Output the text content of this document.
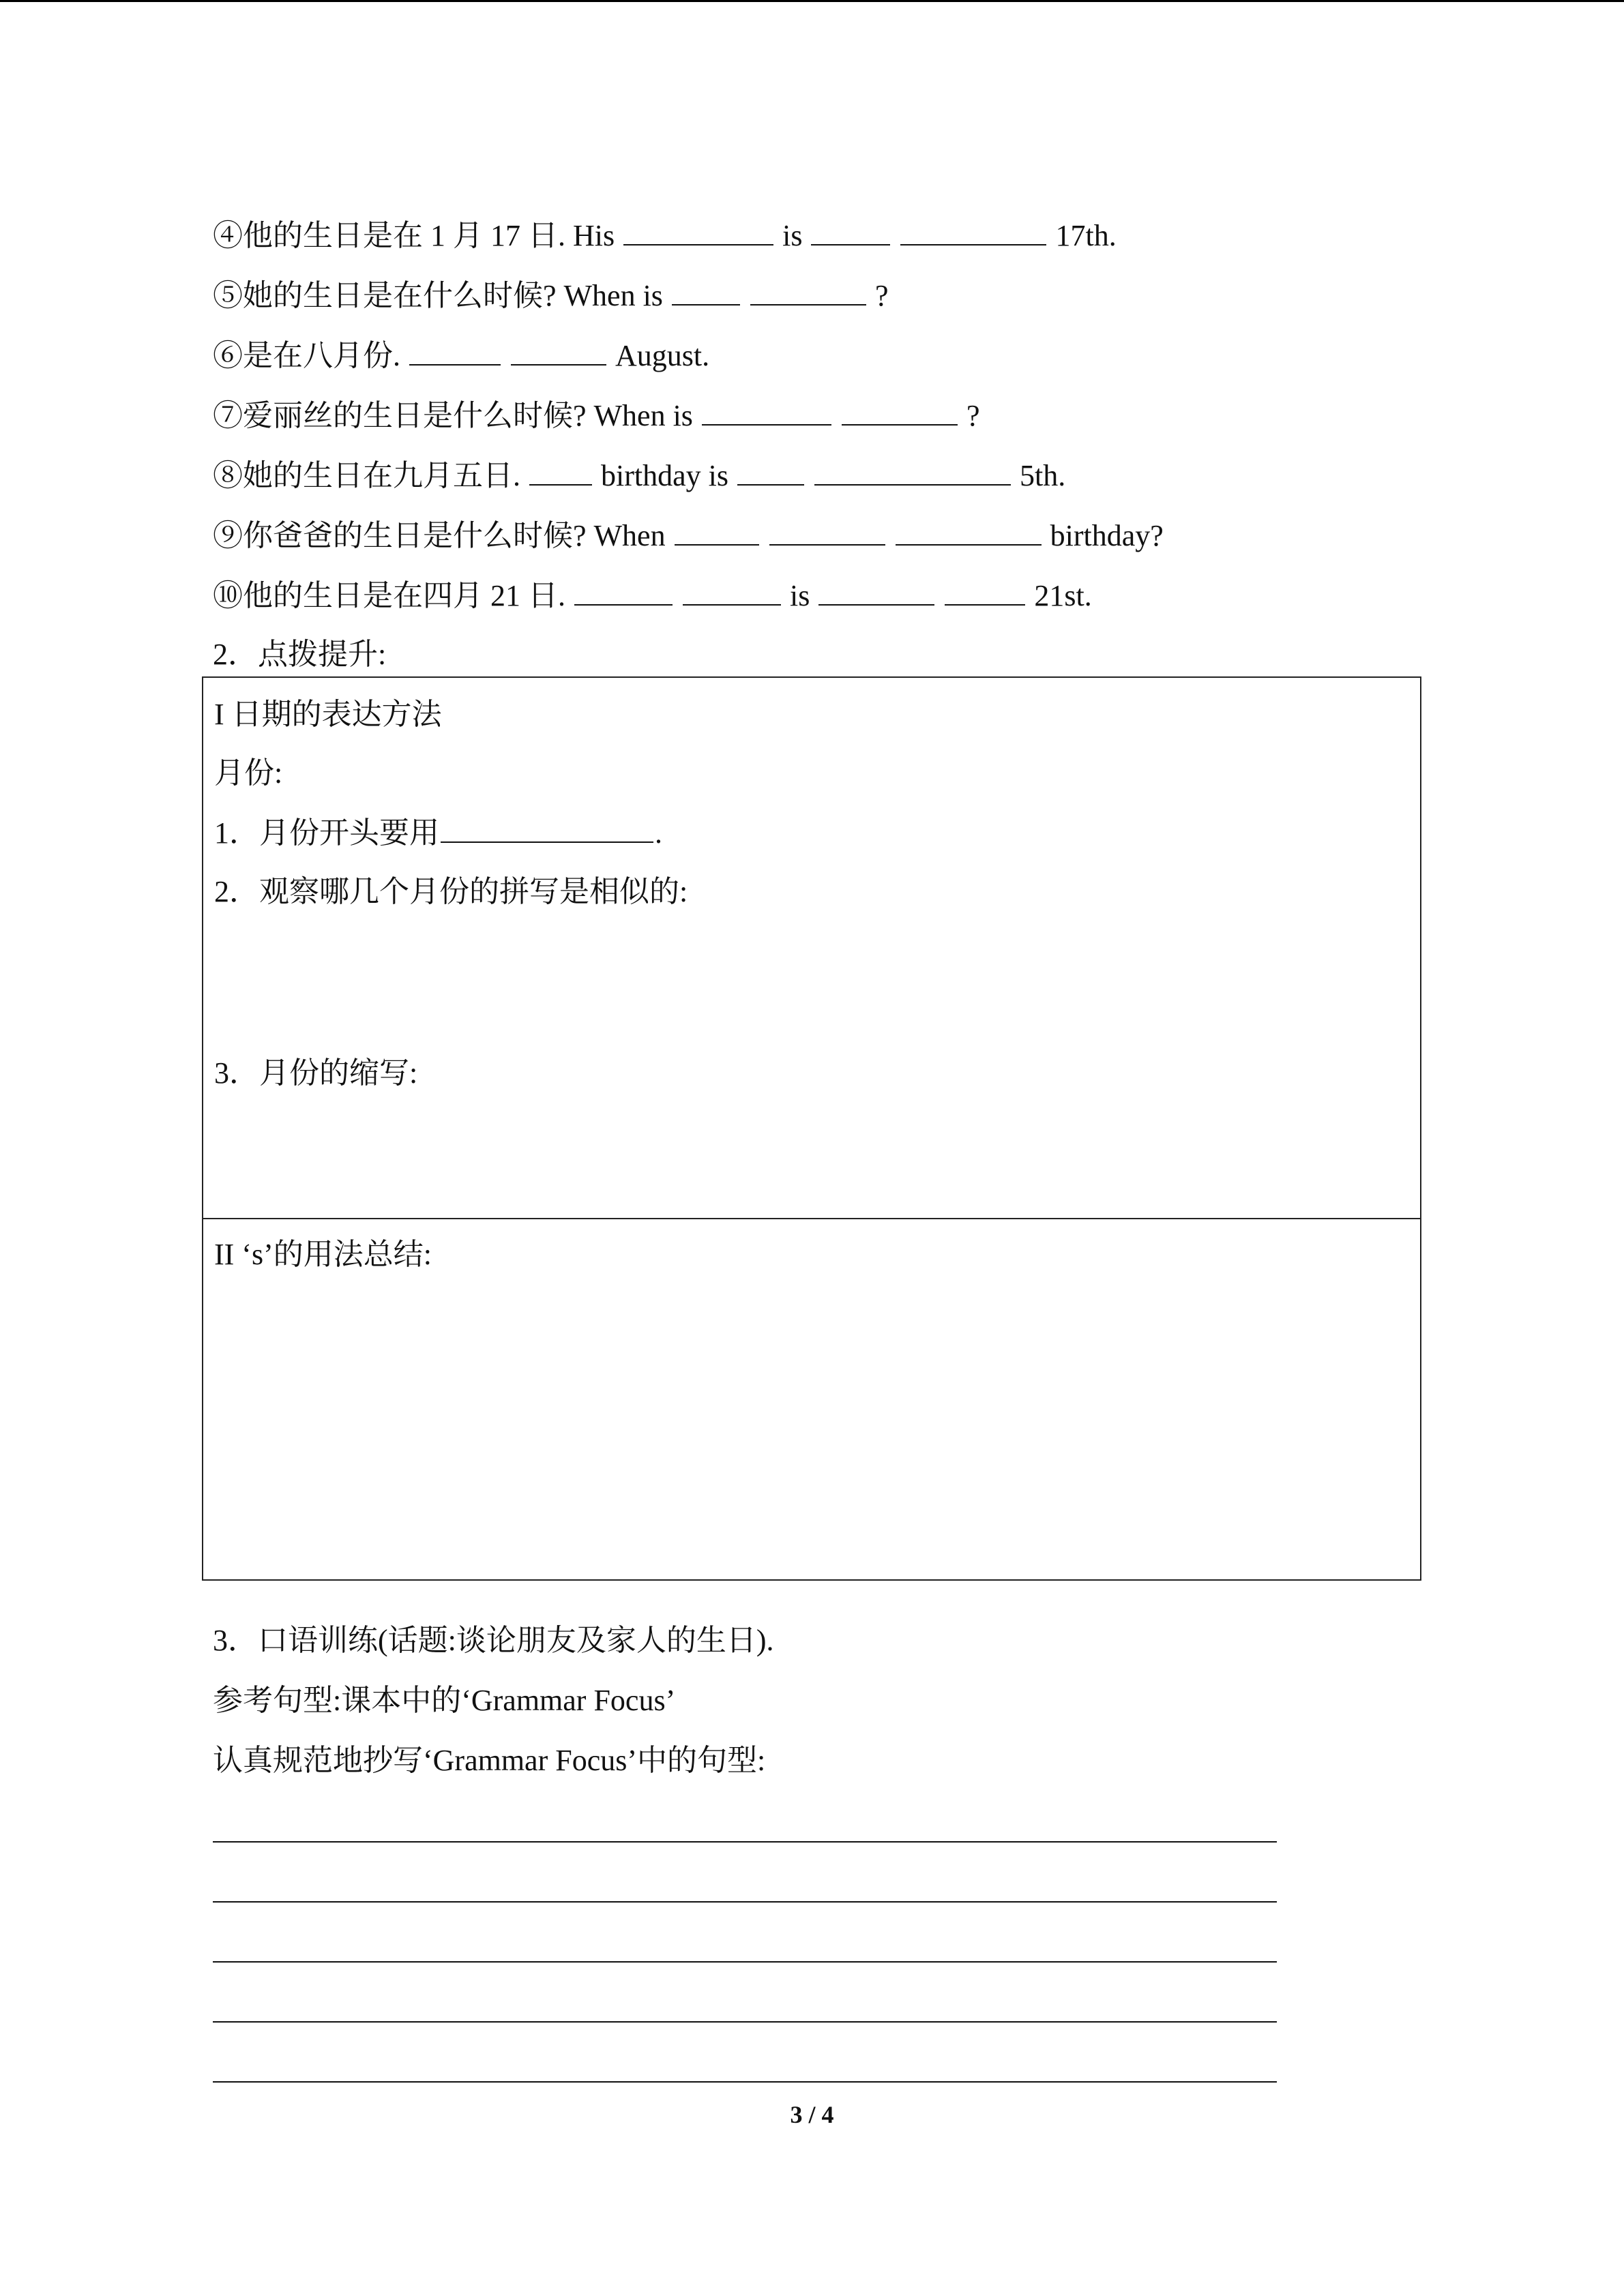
④他的生日是在 1 月 17 日. His	is	17th.
⑤她的生日是在什么时候? When is	?
⑥是在八月份.	August.
⑦爱丽丝的生日是什么时候? When is	?
⑧她的生日在九月五日.  birthday is	5th.
⑨你爸爸的生日是什么时候? When	birthday?
⑩他的生日是在四月 21 日.	is	21st.
2．点拨提升:
I 日期的表达方法
月份:
1．月份开头要用	.
2．观察哪几个月份的拼写是相似的:
3．月份的缩写:
II ‘s’的用法总结:
3．口语训练(话题:谈论朋友及家人的生日).
参考句型:课本中的‘Grammar Focus’
认真规范地抄写‘Grammar Focus’中的句型:
3 / 4
